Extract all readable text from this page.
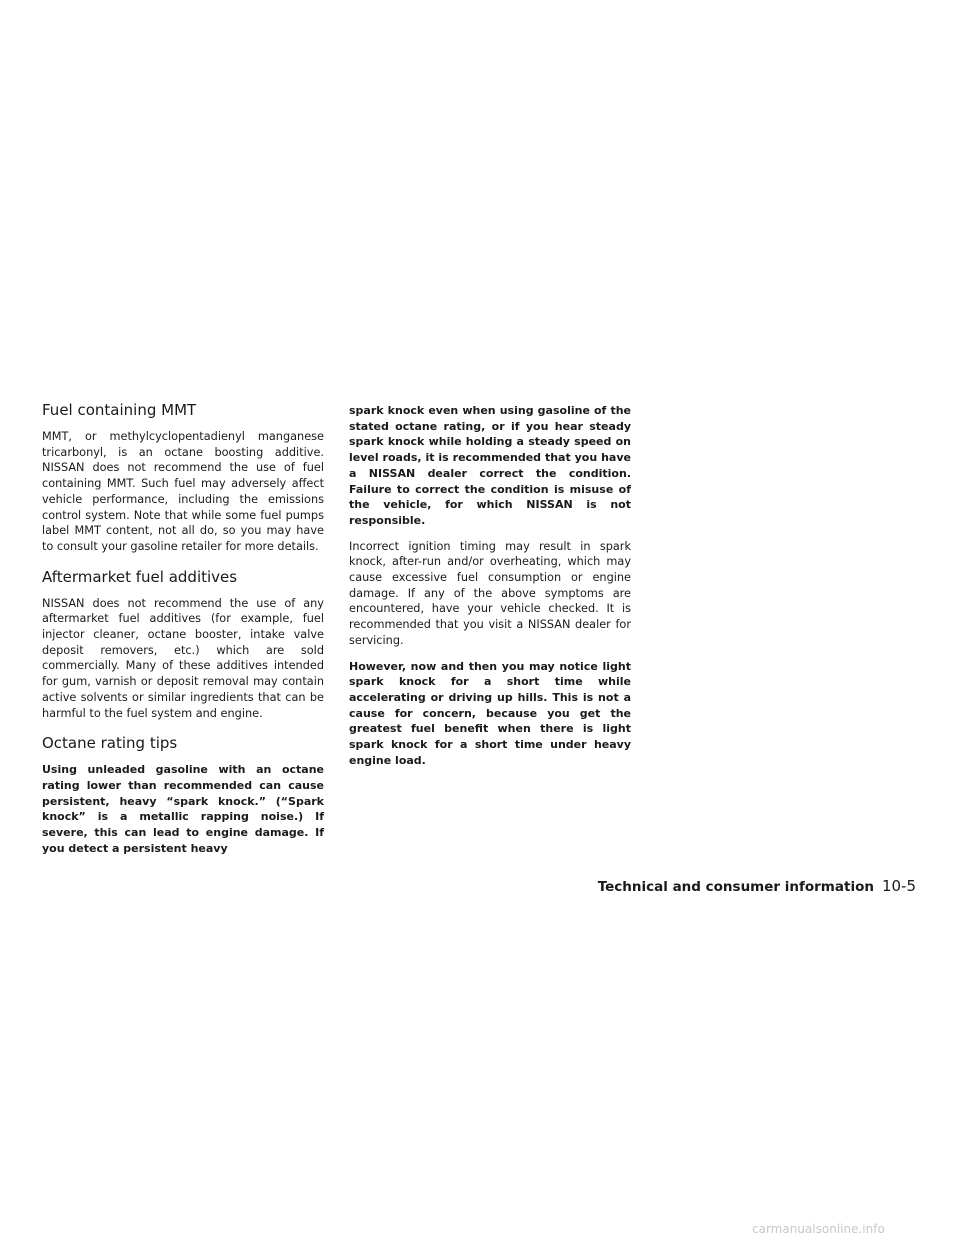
Fuel containing MMT

MMT, or methylcyclopentadienyl manganese tricarbonyl, is an octane boosting additive. NISSAN does not recommend the use of fuel containing MMT. Such fuel may adversely affect vehicle performance, including the emissions control system. Note that while some fuel pumps label MMT content, not all do, so you may have to consult your gasoline retailer for more details.

Aftermarket fuel additives

NISSAN does not recommend the use of any aftermarket fuel additives (for example, fuel injector cleaner, octane booster, intake valve deposit removers, etc.) which are sold commercially. Many of these additives intended for gum, varnish or deposit removal may contain active solvents or similar ingredients that can be harmful to the fuel system and engine.

Octane rating tips

Using unleaded gasoline with an octane rating lower than recommended can cause persistent, heavy “spark knock.” (“Spark knock” is a metallic rapping noise.) If severe, this can lead to engine damage. If you detect a persistent heavy

spark knock even when using gasoline of the stated octane rating, or if you hear steady spark knock while holding a steady speed on level roads, it is recommended that you have a NISSAN dealer correct the condition. Failure to correct the condition is misuse of the vehicle, for which NISSAN is not responsible.

Incorrect ignition timing may result in spark knock, after-run and/or overheating, which may cause excessive fuel consumption or engine damage. If any of the above symptoms are encountered, have your vehicle checked. It is recommended that you visit a NISSAN dealer for servicing.

However, now and then you may notice light spark knock for a short time while accelerating or driving up hills. This is not a cause for concern, because you get the greatest fuel benefit when there is light spark knock for a short time under heavy engine load.

Technical and consumer information 10-5
carmanualsonline.info
